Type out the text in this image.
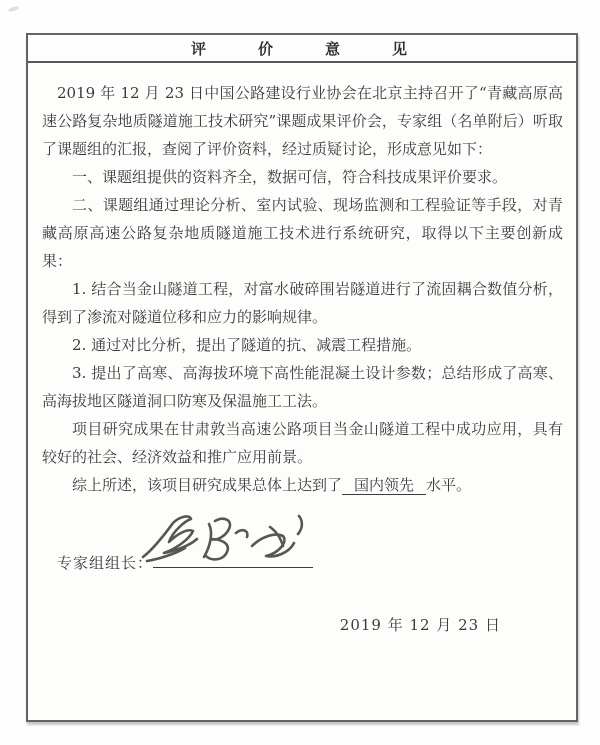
评价意见

2019 年 12 月 23 日中国公路建设行业协会在北京主持召开了“青藏高原高速公路复杂地质隧道施工技术研究”课题成果评价会，专家组（名单附后）听取了课题组的汇报，查阅了评价资料，经过质疑讨论，形成意见如下：

一、课题组提供的资料齐全，数据可信，符合科技成果评价要求。

二、课题组通过理论分析、室内试验、现场监测和工程验证等手段，对青藏高原高速公路复杂地质隧道施工技术进行系统研究，取得以下主要创新成果：

1. 结合当金山隧道工程，对富水破碎围岩隧道进行了流固耦合数值分析，得到了渗流对隧道位移和应力的影响规律。

2. 通过对比分析，提出了隧道的抗、减震工程措施。

3. 提出了高寒、高海拔环境下高性能混凝土设计参数；总结形成了高寒、高海拔地区隧道洞口防寒及保温施工工法。

项目研究成果在甘肃敦当高速公路项目当金山隧道工程中成功应用，具有较好的社会、经济效益和推广应用前景。

综上所述，该项目研究成果总体上达到了 国内领先 水平。

专家组组长：
2019 年 12 月 23 日
